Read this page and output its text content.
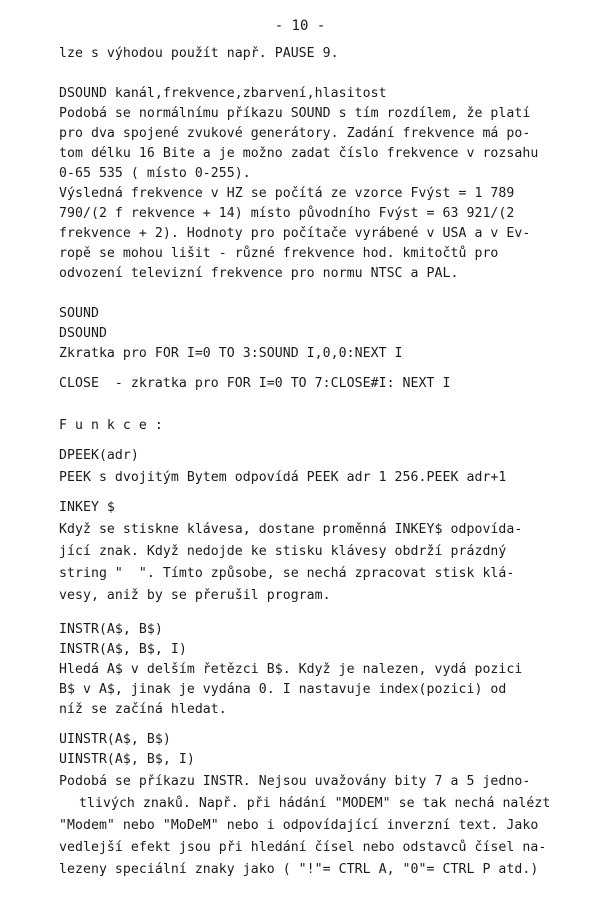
- 10 -
lze s výhodou použít např. PAUSE 9.
DSOUND kanál,frekvence,zbarvení,hlasitost
Podobá se normálnímu příkazu SOUND s tím rozdílem, že platí
pro dva spojené zvukové generátory. Zadání frekvence má po-
tom délku 16 Bite a je možno zadat číslo frekvence v rozsahu
0-65 535 ( místo 0-255).
Výsledná frekvence v HZ se počítá ze vzorce Fvýst = 1 789
790/(2 f rekvence + 14) místo původního Fvýst = 63 921/(2
frekvence + 2). Hodnoty pro počítače vyrábené v USA a v Ev-
ropě se mohou lišit - různé frekvence hod. kmitočtů pro
odvození televizní frekvence pro normu NTSC a PAL.
SOUND
DSOUND
Zkratka pro FOR I=0 TO 3:SOUND I,0,0:NEXT I
CLOSE  - zkratka pro FOR I=0 TO 7:CLOSE#I: NEXT I
F u n k c e :
DPEEK(adr)
PEEK s dvojitým Bytem odpovídá PEEK adr 1 256.PEEK adr+1
INKEY $
Když se stiskne klávesa, dostane proměnná INKEY$ odpovída-
jící znak. Když nedojde ke stisku klávesy obdrží prázdný
string "  ". Tímto způsobe, se nechá zpracovat stisk klá-
vesy, aniž by se přerušil program.
INSTR(A$, B$)
INSTR(A$, B$, I)
Hledá A$ v delším řetězci B$. Když je nalezen, vydá pozici
B$ v A$, jinak je vydána 0. I nastavuje index(pozici) od
níž se začíná hledat.
UINSTR(A$, B$)
UINSTR(A$, B$, I)
Podobá se příkazu INSTR. Nejsou uvažovány bity 7 a 5 jedno-
tlivých znaků. Např. při hádání "MODEM" se tak nechá nalézt
"Modem" nebo "MoDeM" nebo i odpovídající inverzní text. Jako
vedlejší efekt jsou při hledání čísel nebo odstavců čísel na-
lezeny speciální znaky jako ( "!"= CTRL A, "0"= CTRL P atd.)
